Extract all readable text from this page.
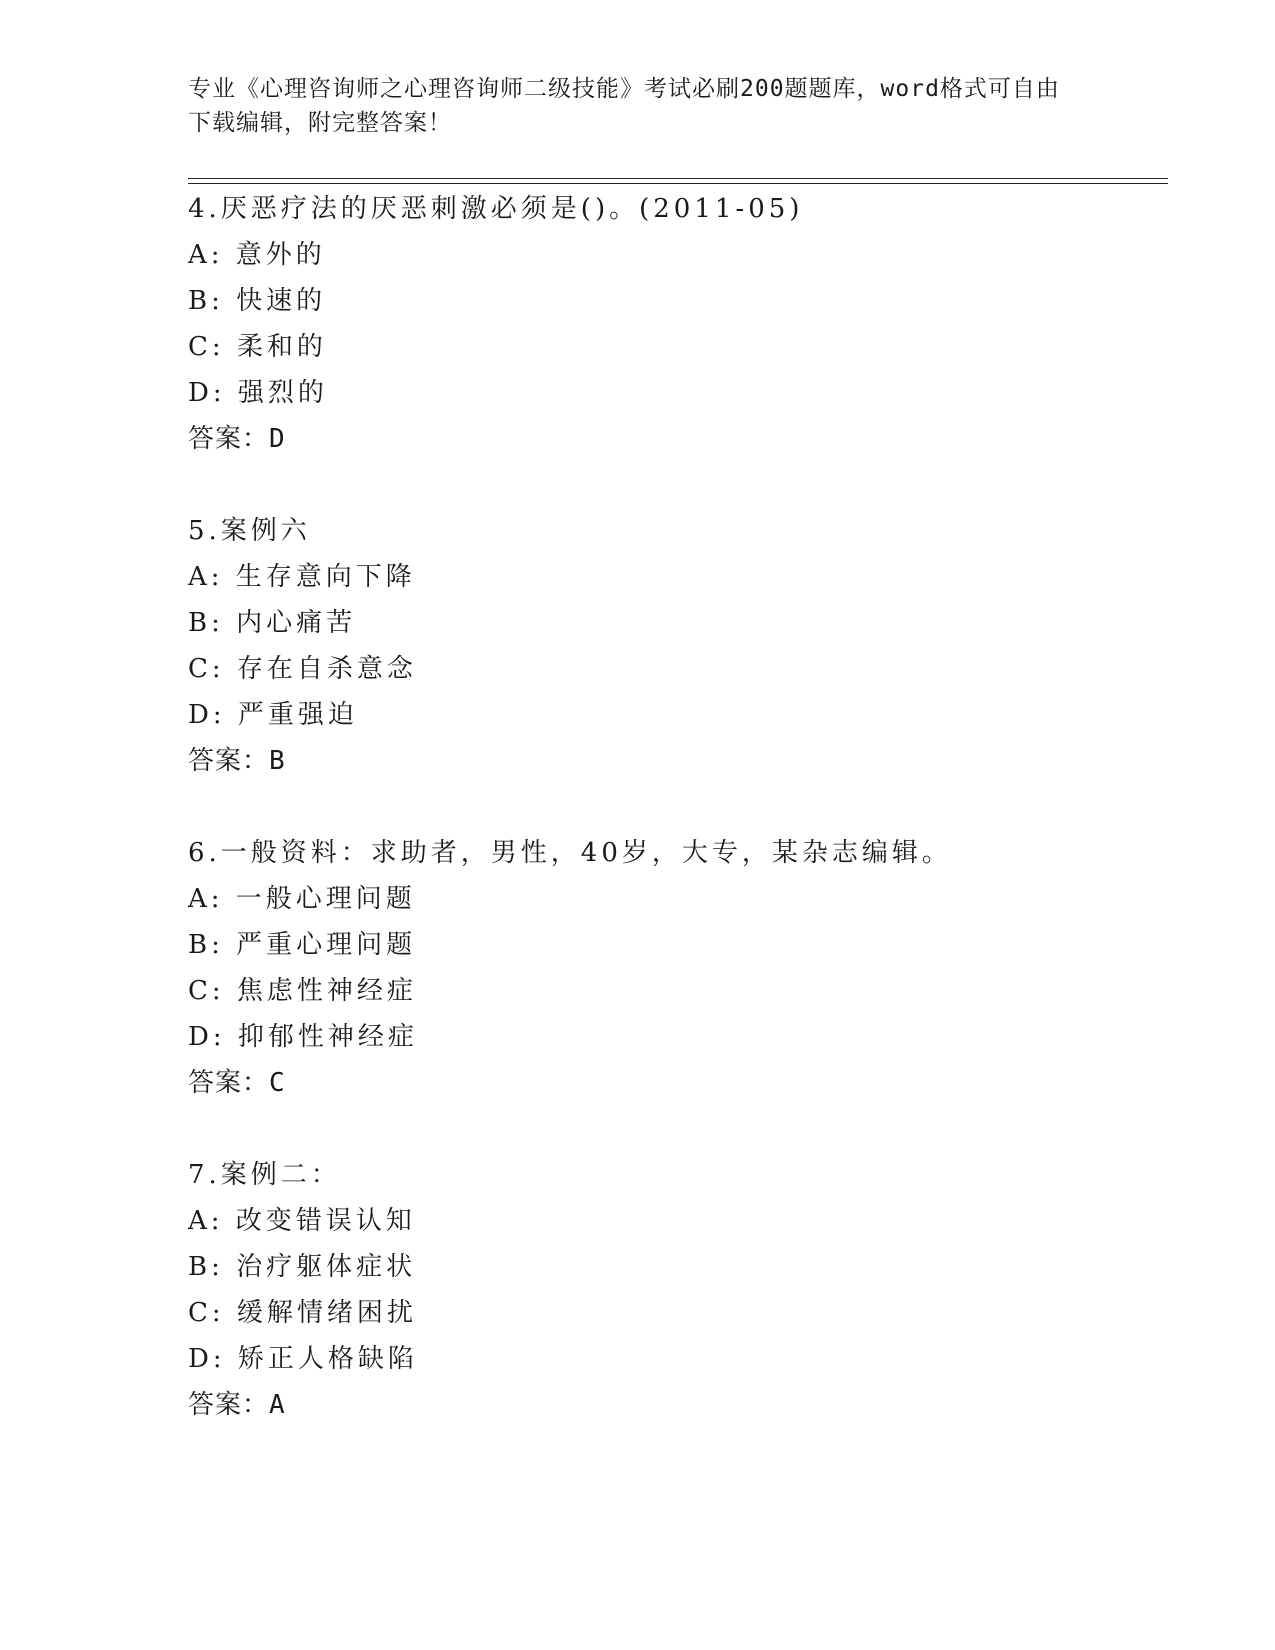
专业《心理咨询师之心理咨询师二级技能》考试必刷200题题库，word格式可自由下载编辑，附完整答案！

4.厌恶疗法的厌恶刺激必须是()。(2011-05)
A: 意外的
B: 快速的
C: 柔和的
D: 强烈的
答案：D
5.案例六
A: 生存意向下降
B: 内心痛苦
C: 存在自杀意念
D: 严重强迫
答案：B
6.一般资料：求助者，男性，40岁，大专，某杂志编辑。
A: 一般心理问题
B: 严重心理问题
C: 焦虑性神经症
D: 抑郁性神经症
答案：C
7.案例二：
A: 改变错误认知
B: 治疗躯体症状
C: 缓解情绪困扰
D: 矫正人格缺陷
答案：A
